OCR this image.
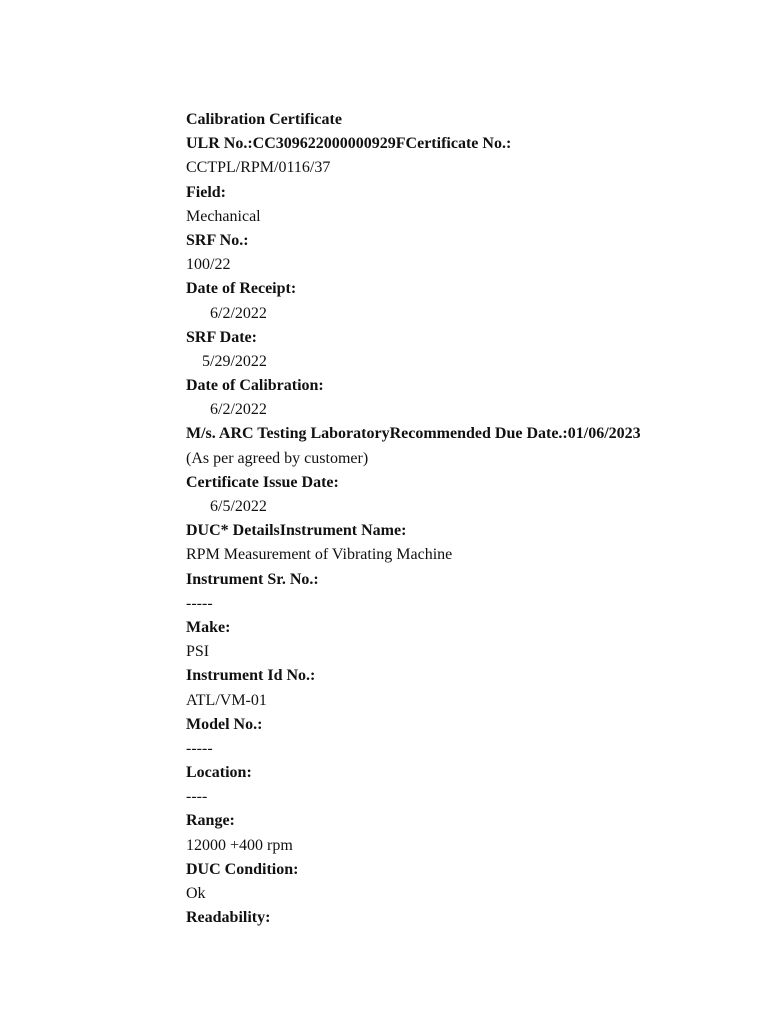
Calibration Certificate
ULR No.:CC309622000000929FCertificate No.:
CCTPL/RPM/0116/37
Field:
Mechanical
SRF No.:
100/22
Date of Receipt:
6/2/2022
SRF Date:
5/29/2022
Date of Calibration:
6/2/2022
M/s. ARC Testing LaboratoryRecommended Due Date.:01/06/2023
(As per agreed by customer)
Certificate Issue Date:
6/5/2022
DUC* DetailsInstrument Name:
RPM Measurement of Vibrating Machine
Instrument Sr. No.:
-----
Make:
PSI
Instrument Id No.:
ATL/VM-01
Model No.:
-----
Location:
----
Range:
12000 +400 rpm
DUC Condition:
Ok
Readability:
